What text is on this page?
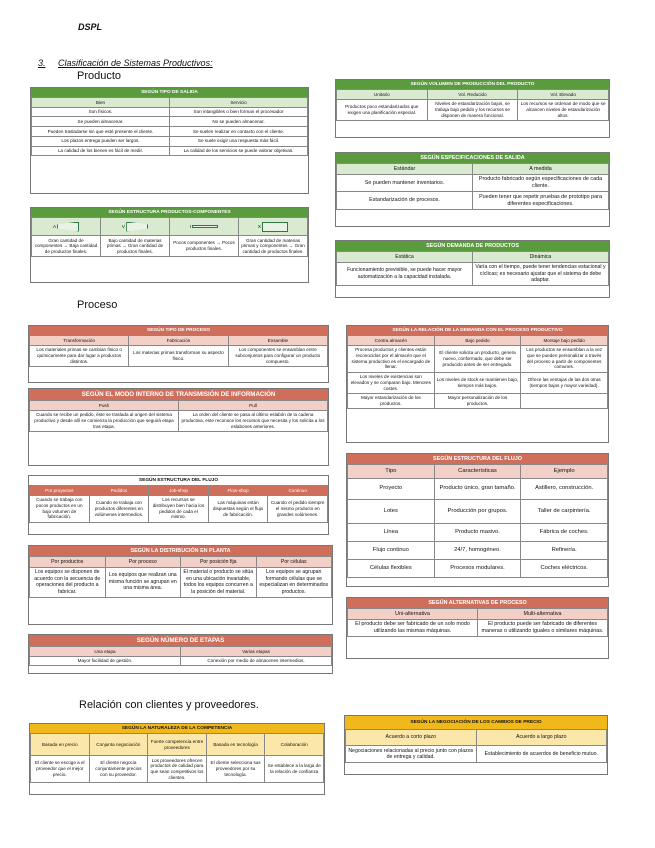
DSPL
3. Clasificación de Sistemas Productivos:
Producto
SEGÚN TIPO DE SALIDA
Bien	Servicio
Son físicos.	Son intangibles o bien forman el procesador
Se pueden almacenar.	No se pueden almacenar.
Pueden trasladarse sin que esté presente el cliente.	Se suelen realizar en contacto con el cliente.
Los plazos entrega pueden ser largos.	Se suele exigir una respuesta más fácil.
La calidad de los bienes es fácil de medir.	La calidad de los servicios se puede valorar objetivas.
SEGÚN ESTRUCTURA PRODUCTOS-COMPONENTES
A	V	I	X
Gran cantidad de componentes → Baja cantidad de productos finales.	Bajo cantidad de materias primas → Gran cantidad de productos finales.	Pocos componentes → Pocos productos finales.	Gran cantidad de materias primas y componentes → Gran cantidad de productos finales.
SEGÚN VOLUMEN DE PRODUCCIÓN DEL PRODUCTO
Unitario	Vol. Reducido	Vol. Elevado
Productos poco estandarizados que exigen una planificación especial.	Niveles de estandarización bajos, se trabaja bajo pedido y los recursos se disponen de manera funcional.	Los recursos se ordenan de modo que se alcancen niveles de estandarización altos.
SEGÚN ESPECIFICACIONES DE SALIDA
Estándar	A medida
Se pueden mantener inventarios.	Producto fabricado según especificaciones de cada cliente.
Estandarización de procesos.	Pueden tener que repetir pruebas de prototipo para diferentes especificaciones.
SEGÚN DEMANDA DE PRODUCTOS
Estática	Dinámica
Funcionamiento previsible, se puede hacer mayor automatización a la capacidad instalada.	Varía con el tiempo, puede tener tendencias estacional y cíclicas; es necesario ajustar que el sistema de debe adaptar.
Proceso
SEGÚN TIPO DE PROCESO
Transformación	Fabricación	Ensamble
Los materiales primas se cambian físico o químicamente para dar lugar a productos distintos.	Los materias primas transforman su aspecto físico.	Los componentes se ensamblan entre subconjuntos para configurar un producto compuesto.
SEGÚN EL MODO INTERNO DE TRANSMISIÓN DE INFORMACIÓN
Push	Pull
Cuando se recibe un pedido, éste se traslada al origen del sistema productivo y desde allí se comienza la producción que seguirá etapa tras etapa.	La orden del cliente se pasa al último eslabón de la cadena productiva, este reconoce los recursos que necesita y los solicita a los eslabones anteriores.
SEGÚN ESTRUCTURA DEL FLUJO
Por proyectos	Pedidos	Job-shop	Flow-shop	Continuo
Cuando se trabaja con pocos productos en un bajo volumen de fabricación.	Cuando se trabaja con productos diferentes en volúmenes intermedios.	Los recursos se distribuyen bien hacia los pedidos de cada el mismo.	Las máquinas están dispuestas según el flujo de fabricación.	Cuando el pedido siempre el mismo producto en grandes volúmenes.
SEGÚN LA DISTRIBUCIÓN EN PLANTA
Por productos	Por proceso	Por posición fija	Por células
Los equipos se disponen de acuerdo con la secuencia de operaciones del producto a fabricar.	Los equipos que realizan una misma función se agrupan en una misma área.	El material o producto se sitúa en una ubicación invariable, todos los equipos concurren a la posición del material.	Los equipos se agrupan formando células que se especializan en determinados productos.
SEGÚN NÚMERO DE ETAPAS
Una etapa	Varias etapas
Mayor facilidad de gestión.	Conexión por medio de almacenes intermedios.
SEGÚN LA RELACIÓN DE LA DEMANDA CON EL PROCESO PRODUCTIVO
Contra almacén	Bajo pedido	Montaje bajo pedido
Procesa productos y clientes están reconocidos por el almacén que el sistema productivo es el encargado de llenar.	El cliente solicita un producto, genera nuevo, conformado, que debe ser producido antes de ser entregado.	Los productos se ensamblan a la vez que se pueden personalizar a través del proceso a partir de componentes comunes.
Los niveles de existencias son elevados y se comparan bajo. Menores costes.	Los niveles de stock se mantienen bajo, tiempos más bajos.	Ofrece las ventajas de las dos otras (tiempos bajos y mayor variedad).
Mayor estandarización de los productos.	Mayor personalización de los productos.	
SEGÚN ESTRUCTURA DEL FLUJO
Tipo	Características	Ejemplo
Proyecto	Producto único, gran tamaño.	Astillero, construcción.
Lotes	Producción por grupos.	Taller de carpintería.
Línea	Producto masivo.	Fábrica de coches.
Flujo continuo	24/7, homogéneo.	Refinería.
Células flexibles	Procesos modulares.	Coches eléctricos.
SEGÚN ALTERNATIVAS DE PROCESO
Uni-alternativa	Multi-alternativa
El producto debe ser fabricado de un solo modo utilizando las mismas máquinas.	El producto puede ser fabricado de diferentes maneras o utilizando iguales o similares máquinas.
Relación con clientes y proveedores.
SEGÚN LA NATURALEZA DE LA COMPETENCIA
Basada en precio	Conjunta negociación	Fuerte competencia entre proveedores	Basada en tecnología	Colaboración
El cliente se escoge a el proveedor que el mejor precio.	El cliente negocia conjuntamente precios con su proveedor.	Los proveedores ofrecen productos de calidad para que sean competitivos los clientes.	El cliente selecciona sus proveedores por su tecnología.	Se establece a la larga de la relación de confianza
SEGÚN LA NEGOCIACIÓN DE LOS CAMBIOS DE PRECIO
Acuerdo a corto plazo	Acuerdo a largo plazo
Negociaciones relacionadas al precio junto con plazos de entrega y calidad.	Establecimiento de acuerdos de beneficio mutuo.
